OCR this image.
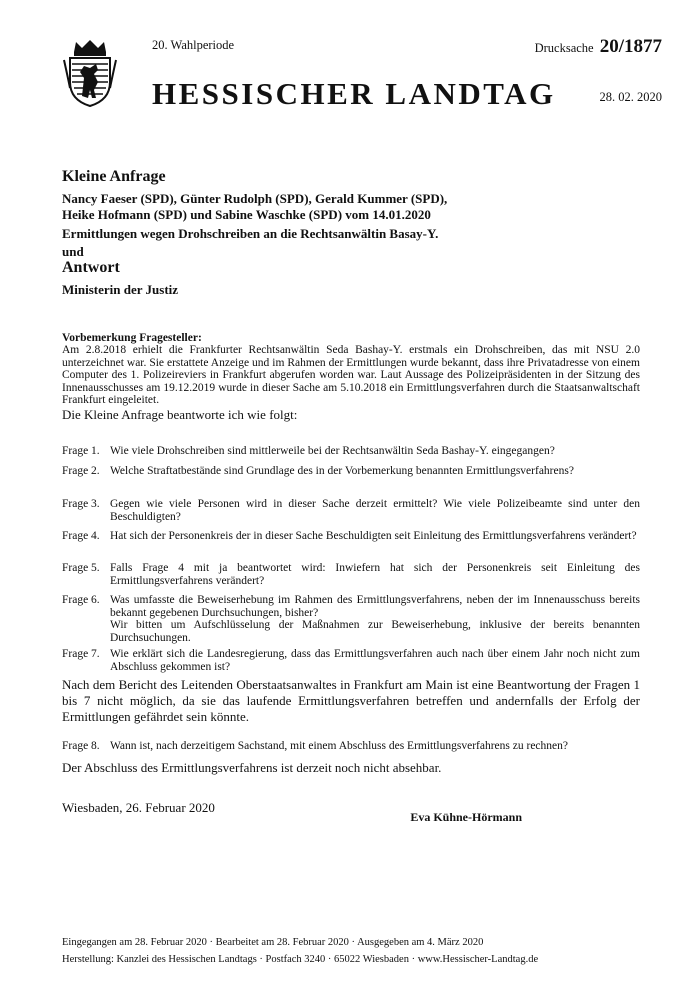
20. Wahlperiode	Drucksache 20/1877
HESSISCHER LANDTAG	28. 02. 2020
Kleine Anfrage
Nancy Faeser (SPD), Günter Rudolph (SPD), Gerald Kummer (SPD),
Heike Hofmann (SPD) und Sabine Waschke (SPD) vom 14.01.2020
Ermittlungen wegen Drohschreiben an die Rechtsanwältin Basay-Y.
und
Antwort
Ministerin der Justiz
Vorbemerkung Fragesteller:
Am 2.8.2018 erhielt die Frankfurter Rechtsanwältin Seda Bashay-Y. erstmals ein Drohschreiben, das mit NSU 2.0 unterzeichnet war. Sie erstattete Anzeige und im Rahmen der Ermittlungen wurde bekannt, dass ihre Privatadresse von einem Computer des 1. Polizeireviers in Frankfurt abgerufen worden war. Laut Aussage des Polizeipräsidenten in der Sitzung des Innenausschusses am 19.12.2019 wurde in dieser Sache am 5.10.2018 ein Ermittlungsverfahren durch die Staatsanwaltschaft Frankfurt eingeleitet.
Die Kleine Anfrage beantworte ich wie folgt:
Frage 1. Wie viele Drohschreiben sind mittlerweile bei der Rechtsanwältin Seda Bashay-Y. eingegangen?
Frage 2. Welche Straftatbestände sind Grundlage des in der Vorbemerkung benannten Ermittlungsverfahrens?
Frage 3. Gegen wie viele Personen wird in dieser Sache derzeit ermittelt? Wie viele Polizeibeamte sind unter den Beschuldigten?
Frage 4. Hat sich der Personenkreis der in dieser Sache Beschuldigten seit Einleitung des Ermittlungsverfahrens verändert?
Frage 5. Falls Frage 4 mit ja beantwortet wird: Inwiefern hat sich der Personenkreis seit Einleitung des Ermittlungsverfahrens verändert?
Frage 6. Was umfasste die Beweiserhebung im Rahmen des Ermittlungsverfahrens, neben der im Innenausschuss bereits bekannt gegebenen Durchsuchungen, bisher?
Wir bitten um Aufschlüsselung der Maßnahmen zur Beweiserhebung, inklusive der bereits benannten Durchsuchungen.
Frage 7. Wie erklärt sich die Landesregierung, dass das Ermittlungsverfahren auch nach über einem Jahr noch nicht zum Abschluss gekommen ist?
Nach dem Bericht des Leitenden Oberstaatsanwaltes in Frankfurt am Main ist eine Beantwortung der Fragen 1 bis 7 nicht möglich, da sie das laufende Ermittlungsverfahren betreffen und andernfalls der Erfolg der Ermittlungen gefährdet sein könnte.
Frage 8. Wann ist, nach derzeitigem Sachstand, mit einem Abschluss des Ermittlungsverfahrens zu rechnen?
Der Abschluss des Ermittlungsverfahrens ist derzeit noch nicht absehbar.
Wiesbaden, 26. Februar 2020
Eva Kühne-Hörmann
Eingegangen am 28. Februar 2020 · Bearbeitet am 28. Februar 2020 · Ausgegeben am 4. März 2020
Herstellung: Kanzlei des Hessischen Landtags · Postfach 3240 · 65022 Wiesbaden · www.Hessischer-Landtag.de
